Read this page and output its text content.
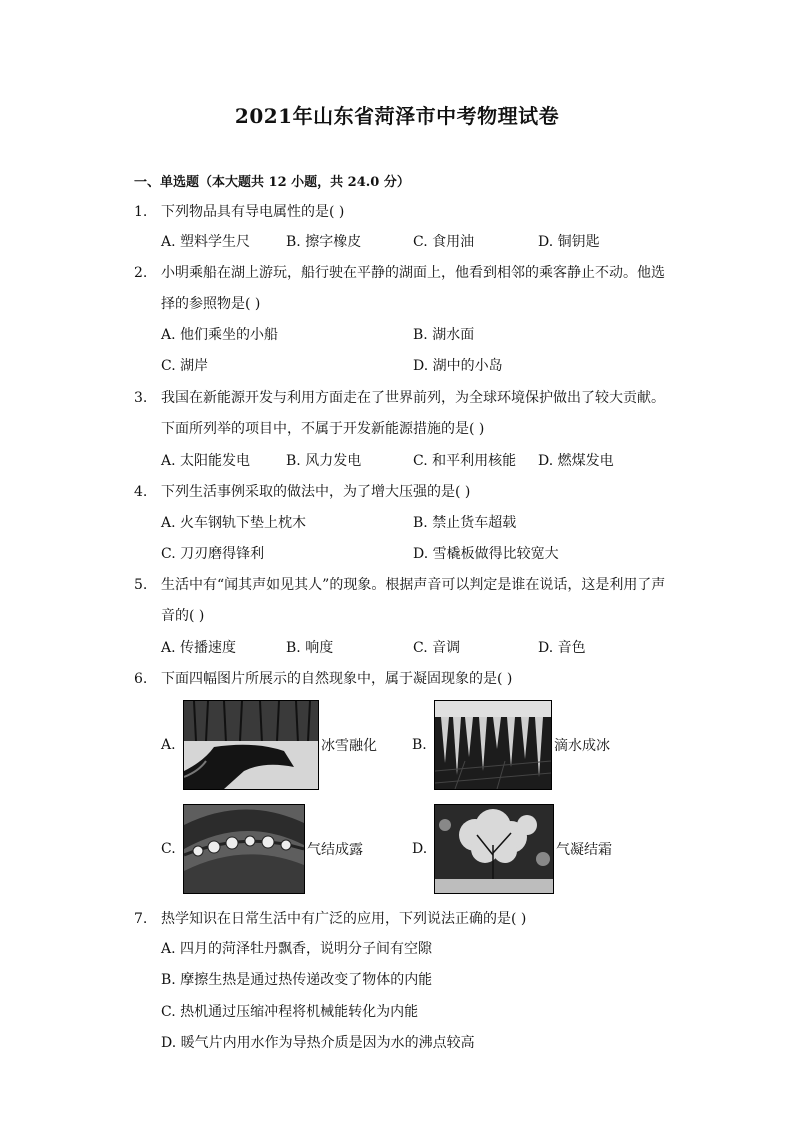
2021年山东省菏泽市中考物理试卷
一、单选题（本大题共 12 小题，共 24.0 分）
1. 下列物品具有导电属性的是( )
A. 塑料学生尺	B. 擦字橡皮	C. 食用油	D. 铜钥匙
2. 小明乘船在湖上游玩，船行驶在平静的湖面上，他看到相邻的乘客静止不动。他选择的参照物是( )
A. 他们乘坐的小船	B. 湖水面
C. 湖岸	D. 湖中的小岛
3. 我国在新能源开发与利用方面走在了世界前列，为全球环境保护做出了较大贡献。下面所列举的项目中，不属于开发新能源措施的是( )
A. 太阳能发电	B. 风力发电	C. 和平利用核能 D. 燃煤发电
4. 下列生活事例采取的做法中，为了增大压强的是( )
A. 火车钢轨下垫上枕木	B. 禁止货车超载
C. 刀刃磨得锋利	D. 雪橇板做得比较宽大
5. 生活中有“闻其声如见其人”的现象。根据声音可以判定是谁在说话，这是利用了声音的( )
A. 传播速度	B. 响度	C. 音调	D. 音色
6. 下面四幅图片所展示的自然现象中，属于凝固现象的是( )
A.	冰雪融化	B.	滴水成冰
C.	气结成露	D.	气凝结霜
7. 热学知识在日常生活中有广泛的应用，下列说法正确的是( )
A. 四月的菏泽牡丹飘香，说明分子间有空隙
B. 摩擦生热是通过热传递改变了物体的内能
C. 热机通过压缩冲程将机械能转化为内能
D. 暖气片内用水作为导热介质是因为水的沸点较高
